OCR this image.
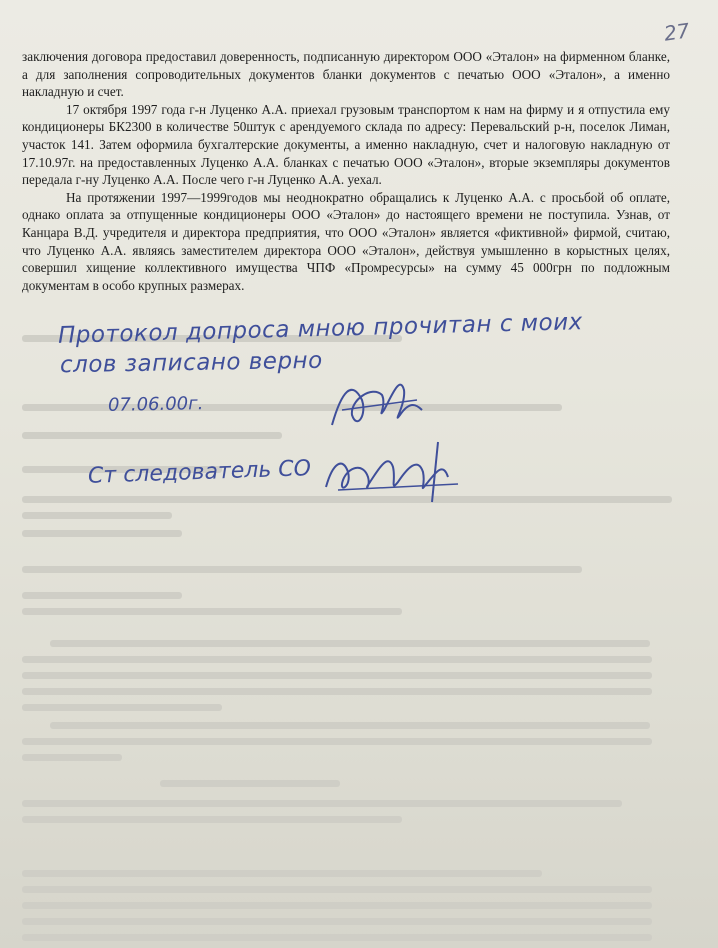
27

заключения договора предоставил доверенность, подписанную директором ООО «Эталон» на фирменном бланке, а для заполнения сопроводительных документов бланки документов с печатью ООО «Эталон», а именно накладную и счет.

17 октября 1997 года г-н Луценко А.А. приехал грузовым транспортом к нам на фирму и я отпустила ему кондиционеры БК2300 в количестве 50штук с арендуемого склада по адресу: Перевальский р-н, поселок Лиман, участок 141. Затем оформила бухгалтерские документы, а именно накладную, счет и налоговую накладную от 17.10.97г. на предоставленных Луценко А.А. бланках с печатью ООО «Эталон», вторые экземпляры документов передала г-ну Луценко А.А. После чего г-н Луценко А.А. уехал.

На протяжении 1997—1999годов мы неоднократно обращались к Луценко А.А. с просьбой об оплате, однако оплата за отпущенные кондиционеры ООО «Эталон» до настоящего времени не поступила. Узнав, от Канцара В.Д. учредителя и директора предприятия, что ООО «Эталон» является «фиктивной» фирмой, считаю, что Луценко А.А. являясь заместителем директора ООО «Эталон», действуя умышленно в корыстных целях, совершил хищение коллективного имущества ЧПФ «Промресурсы» на сумму 45 000грн по подложным документам в особо крупных размерах.

Протокол допроса мною прочитан с моих
слов записано верно
07.06.00г.
Ст следователь СО
